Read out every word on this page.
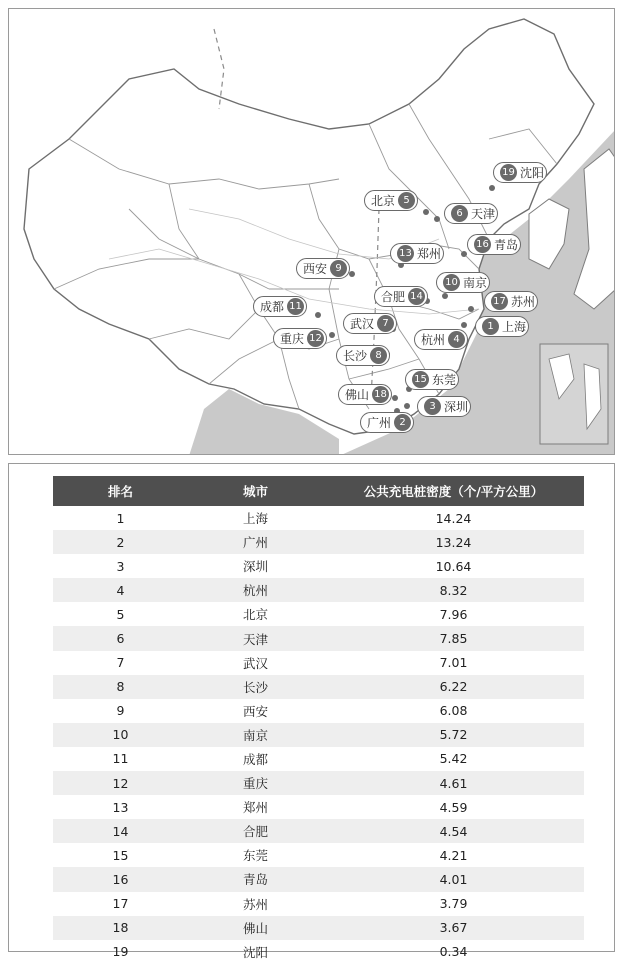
19 沈阳
北京 5
6 天津
16 青岛
13 郑州
西安 9
10 南京
合肥 14	17 苏州
成都 11
武汉 7	1 上海
重庆 12	杭州 4
长沙 8
15 东莞
佛山 18
3 深圳
广州 2
排名	城市	公共充电桩密度（个/平方公里）
1	上海	14.24
2	广州	13.24
3	深圳	10.64
4	杭州	8.32
5	北京	7.96
6	天津	7.85
7	武汉	7.01
8	长沙	6.22
9	西安	6.08
10	南京	5.72
11	成都	5.42
12	重庆	4.61
13	郑州	4.59
14	合肥	4.54
15	东莞	4.21
16	青岛	4.01
17	苏州	3.79
18	佛山	3.67
19	沈阳	0.34
